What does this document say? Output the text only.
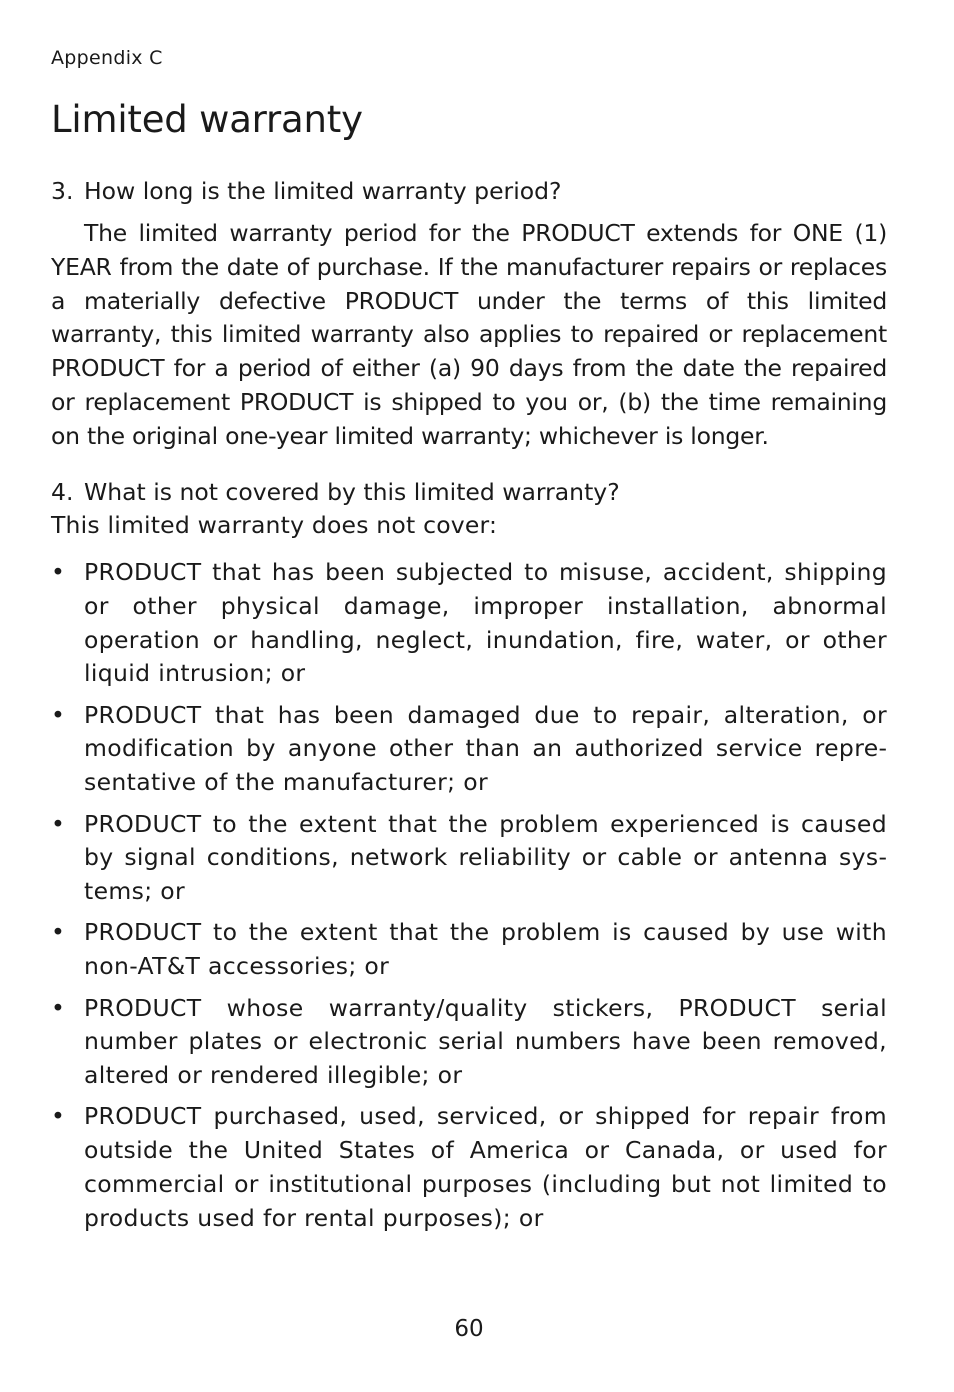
Appendix C
Limited warranty
3. How long is the limited warranty period?

The limited warranty period for the PRODUCT extends for ONE (1) YEAR from the date of purchase. If the manufacturer repairs or replaces a materially defective PRODUCT under the terms of this limited warranty, this limited warranty also applies to repaired or replacement PRODUCT for a period of either (a) 90 days from the date the repaired or replacement PRODUCT is shipped to you or, (b) the time remaining on the original one-year limited warranty; whichever is longer.

4. What is not covered by this limited warranty?
This limited warranty does not cover:
• PRODUCT that has been subjected to misuse, accident, shipping or other physical damage, improper installation, abnormal operation or handling, neglect, inundation, fire, water, or other liquid intrusion; or
• PRODUCT that has been damaged due to repair, alteration, or modification by anyone other than an authorized service representative of the manufacturer; or
• PRODUCT to the extent that the problem experienced is caused by signal conditions, network reliability or cable or antenna systems; or
• PRODUCT to the extent that the problem is caused by use with non-AT&T accessories; or
• PRODUCT whose warranty/quality stickers, PRODUCT serial number plates or electronic serial numbers have been removed, altered or rendered illegible; or
• PRODUCT purchased, used, serviced, or shipped for repair from outside the United States of America or Canada, or used for commercial or institutional purposes (including but not limited to products used for rental purposes); or
60
